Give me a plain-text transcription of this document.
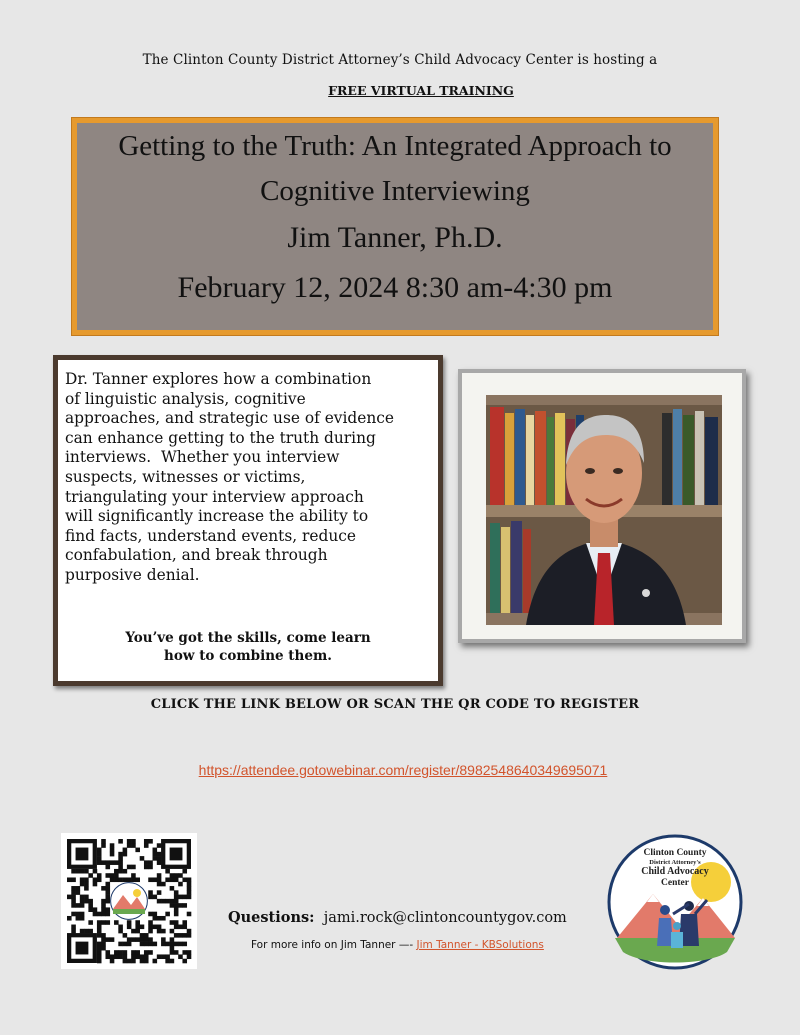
The Clinton County District Attorney’s Child Advocacy Center is hosting a
FREE VIRTUAL TRAINING
Getting to the Truth: An Integrated Approach to
Cognitive Interviewing
Jim Tanner, Ph.D.
February 12, 2024 8:30 am-4:30 pm
Dr. Tanner explores how a combination
of linguistic analysis, cognitive
approaches, and strategic use of evidence
can enhance getting to the truth during
interviews.  Whether you interview
suspects, witnesses or victims,
triangulating your interview approach
will significantly increase the ability to
find facts, understand events, reduce
confabulation, and break through
purposive denial.
You’ve got the skills, come learn
how to combine them.
CLICK THE LINK BELOW OR SCAN THE QR CODE TO REGISTER
https://attendee.gotowebinar.com/register/8982548640349695071
Questions: jami.rock@clintoncountygov.com
For more info on Jim Tanner —- Jim Tanner - KBSolutions
Clinton County
District Attorney's
Child Advocacy
Center
